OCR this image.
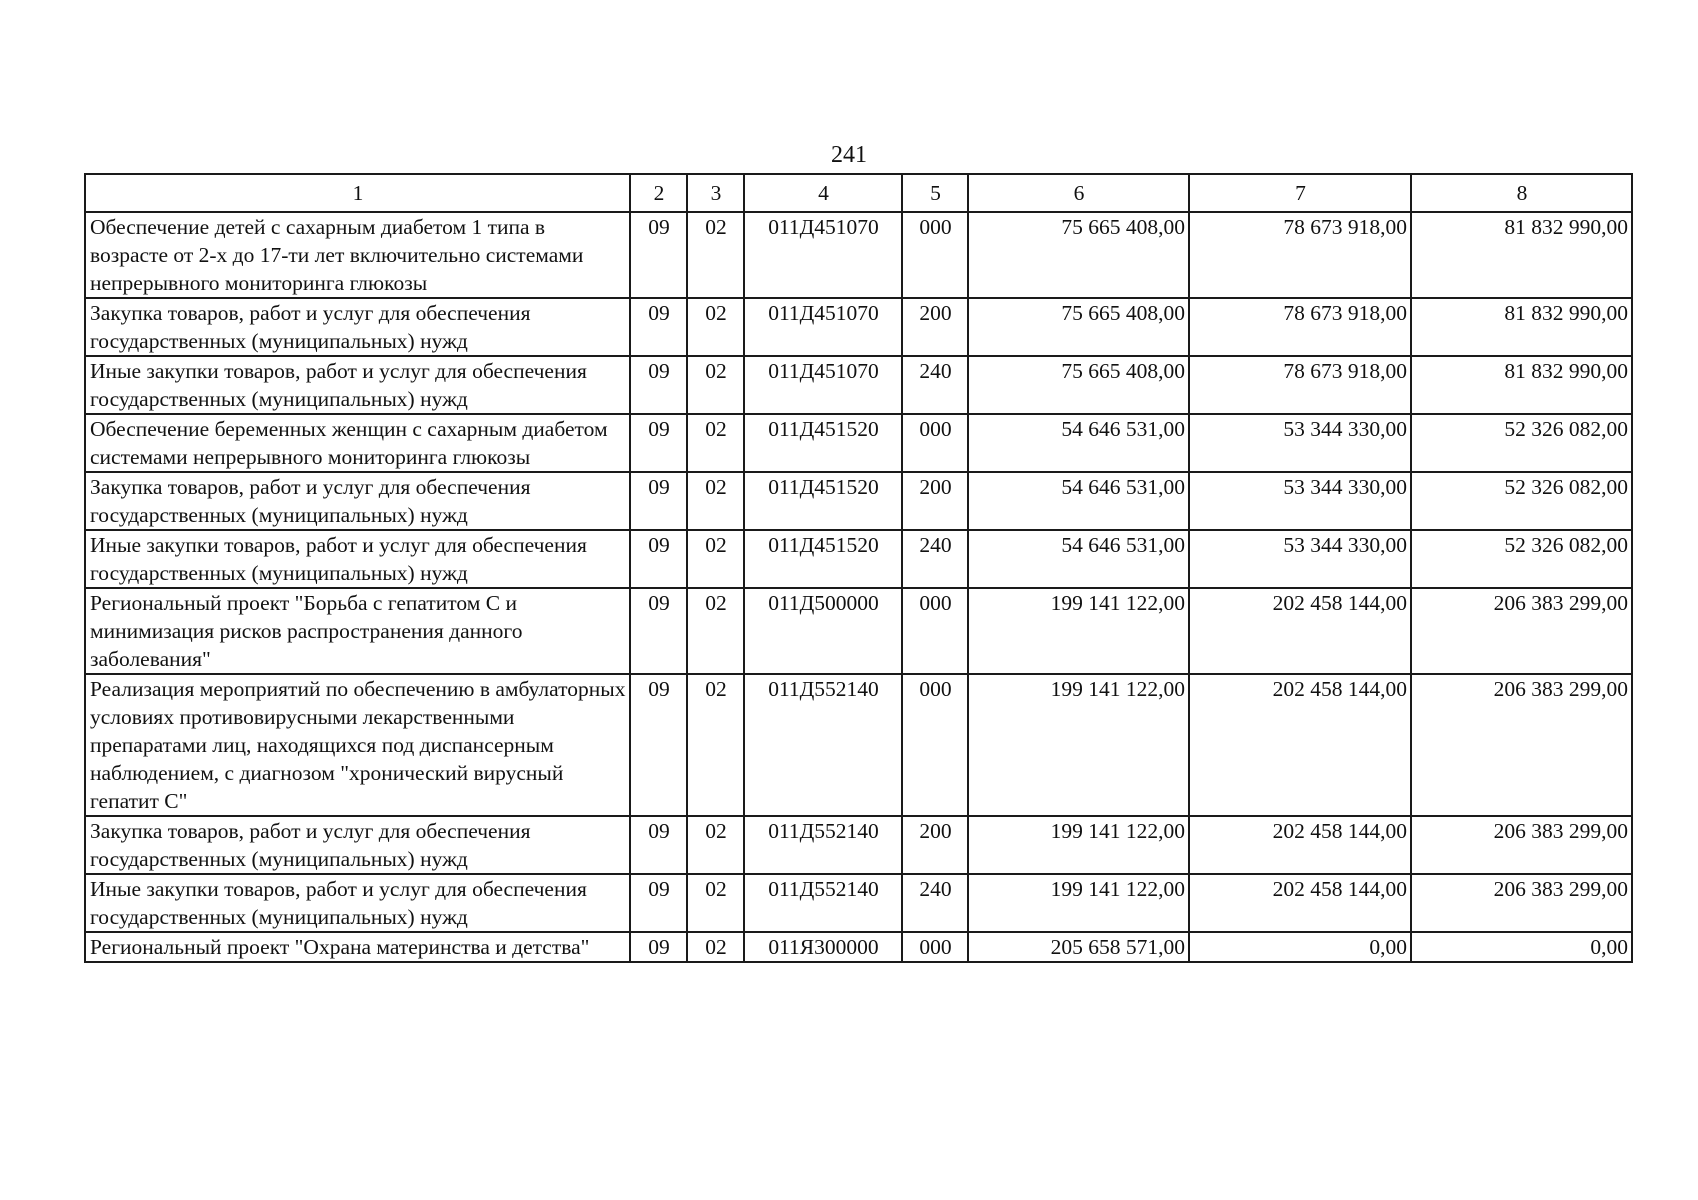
241
1	2	3	4	5	6	7	8
Обеспечение детей с сахарным диабетом 1 типа в возрасте от 2-х до 17-ти лет включительно системами непрерывного мониторинга глюкозы	09	02	011Д451070	000	75 665 408,00	78 673 918,00	81 832 990,00
Закупка товаров, работ и услуг для обеспечения государственных (муниципальных) нужд	09	02	011Д451070	200	75 665 408,00	78 673 918,00	81 832 990,00
Иные закупки товаров, работ и услуг для обеспечения государственных (муниципальных) нужд	09	02	011Д451070	240	75 665 408,00	78 673 918,00	81 832 990,00
Обеспечение беременных женщин с сахарным диабетом системами непрерывного мониторинга глюкозы	09	02	011Д451520	000	54 646 531,00	53 344 330,00	52 326 082,00
Закупка товаров, работ и услуг для обеспечения государственных (муниципальных) нужд	09	02	011Д451520	200	54 646 531,00	53 344 330,00	52 326 082,00
Иные закупки товаров, работ и услуг для обеспечения государственных (муниципальных) нужд	09	02	011Д451520	240	54 646 531,00	53 344 330,00	52 326 082,00
Региональный проект "Борьба с гепатитом С и минимизация рисков распространения данного заболевания"	09	02	011Д500000	000	199 141 122,00	202 458 144,00	206 383 299,00
Реализация мероприятий по обеспечению в амбулаторных условиях противовирусными лекарственными препаратами лиц, находящихся под диспансерным наблюдением, с диагнозом "хронический вирусный гепатит С"	09	02	011Д552140	000	199 141 122,00	202 458 144,00	206 383 299,00
Закупка товаров, работ и услуг для обеспечения государственных (муниципальных) нужд	09	02	011Д552140	200	199 141 122,00	202 458 144,00	206 383 299,00
Иные закупки товаров, работ и услуг для обеспечения государственных (муниципальных) нужд	09	02	011Д552140	240	199 141 122,00	202 458 144,00	206 383 299,00
Региональный проект "Охрана материнства и детства"	09	02	011Я300000	000	205 658 571,00	0,00	0,00
